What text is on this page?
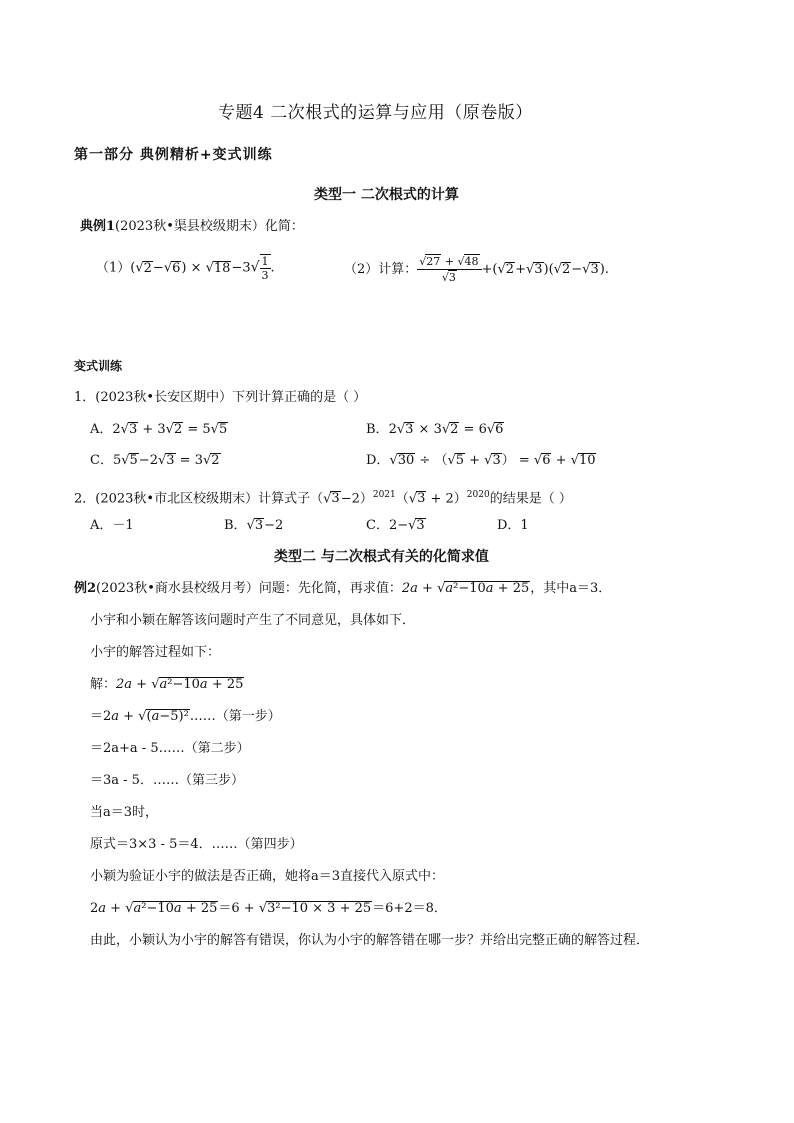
专题4 二次根式的运算与应用（原卷版）
第一部分 典例精析+变式训练
类型一 二次根式的计算
典例1(2023秋•渠县校级期末）化简：
$(1)(√2-√6) \times √18-3√ \frac{1}{3}$ .	（2）计算： $\frac{√27 + √48}{√3} +(√2+√3)(√2-√3)$.
变式训练
1．(2023秋•长安区期中）下列计算正确的是（ ）
A．2√3 + 3√2 = 5√5	B．2√3 × 3√2 = 6√6
C．5√5−2√3 = 3√2	D．√30 ÷ （√5 + √3） = √6 + √10
2．(2023秋•市北区校级期末）计算式子$(√3-2)^{2021}(√3 + 2)^{2020}$的结果是（ ）
A．－1	B．√3−2	C．2−√3	D．1
类型二 与二次根式有关的化简求值
例2(2023秋•商水县校级月考）问题：先化简，再求值：2a + √a²−10a + 25，其中a＝3．
小宇和小颖在解答该问题时产生了不同意见，具体如下．
小宇的解答过程如下：
解：2a + √a²−10a + 25
＝2a + √(a−5)²……（第一步）
＝2a+a - 5……（第二步）
＝3a - 5．……（第三步）
当a＝3时，
原式＝3×3 - 5＝4．……（第四步）
小颖为验证小宇的做法是否正确，她将a＝3直接代入原式中：
2a + √a²−10a + 25＝6 + √3²−10 × 3 + 25＝6+2＝8．
由此，小颖认为小宇的解答有错误，你认为小宇的解答错在哪一步？并给出完整正确的解答过程．
